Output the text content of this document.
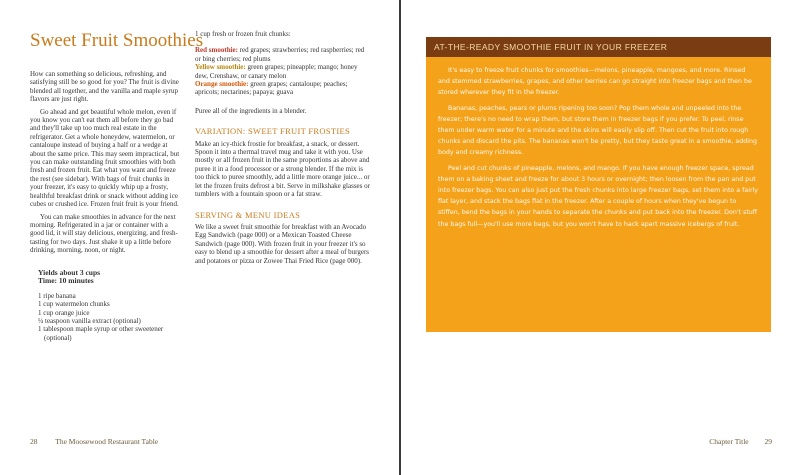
Sweet Fruit Smoothies

How can something so delicious, refreshing, and satisfying still be so good for you? The fruit is divine blended all together, and the vanilla and maple syrup flavors are just right.

Go ahead and get beautiful whole melon, even if you know you can't eat them all before they go bad and they'll take up too much real estate in the refrigerator. Get a whole honeydew, watermelon, or cantaloupe instead of buying a half or a wedge at about the same price. This may seem impractical, but you can make outstanding fruit smoothies with both fresh and frozen fruit. Eat what you want and freeze the rest (see sidebar). With bags of fruit chunks in your freezer, it's easy to quickly whip up a frosty, healthful breakfast drink or snack without adding ice cubes or crushed ice. Frozen fruit fruit is your friend.

You can make smoothies in advance for the next morning. Refrigerated in a jar or container with a good lid, it will stay delicious, energizing, and fresh-tasting for two days. Just shake it up a little before drinking, morning, noon, or night.

Yields about 3 cups
Time: 10 minutes
1 ripe banana
1 cup watermelon chunks
1 cup orange juice
¼ teaspoon vanilla extract (optional)
1 tablespoon maple syrup or other sweetener (optional)

1 cup fresh or frozen fruit chunks:

Red smoothie: red grapes; strawberries; red raspberries; red or bing cherries; red plums
Yellow smoothie: green grapes; pineapple; mango; honey dew, Crenshaw, or canary melon
Orange smoothie: green grapes; cantaloupe; peaches; apricots; nectarines; papaya; guava

Puree all of the ingredients in a blender.

VARIATION: SWEET FRUIT FROSTIES

Make an icy-thick frostie for breakfast, a snack, or dessert. Spoon it into a thermal travel mug and take it with you. Use mostly or all frozen fruit in the same proportions as above and puree it in a food processor or a strong blender. If the mix is too thick to puree smoothly, add a little more orange juice... or let the frozen fruits defrost a bit. Serve in milkshake glasses or tumblers with a fountain spoon or a fat straw.

SERVING & MENU IDEAS

We like a sweet fruit smoothie for breakfast with an Avocado Egg Sandwich (page 000) or a Mexican Toasted Cheese Sandwich (page 000). With frozen fruit in your freezer it's so easy to blend up a smoothie for dessert after a meal of burgers and potatoes or pizza or Zowee Thai Fried Rice (page 000).

28 The Moosewood Restaurant Table
AT-THE-READY SMOOTHIE FRUIT IN YOUR FREEZER

It's easy to freeze fruit chunks for smoothies—melons, pineapple, mangoes, and more. Rinsed and stemmed strawberries, grapes, and other berries can go straight into freezer bags and then be stored wherever they fit in the freezer.

Bananas, peaches, pears or plums ripening too soon? Pop them whole and unpeeled into the freezer; there's no need to wrap them, but store them in freezer bags if you prefer. To peel, rinse them under warm water for a minute and the skins will easily slip off. Then cut the fruit into rough chunks and discard the pits. The bananas won't be pretty, but they taste great in a smoothie, adding body and creamy richness.

Peel and cut chunks of pineapple, melons, and mango. If you have enough freezer space, spread them on a baking sheet and freeze for about 3 hours or overnight; then loosen from the pan and put into freezer bags. You can also just put the fresh chunks into large freezer bags, set them into a fairly flat layer, and stack the bags flat in the freezer. After a couple of hours when they've begun to stiffen, bend the bags in your hands to separate the chunks and put back into the freezer. Don't stuff the bags full—you'll use more bags, but you won't have to hack apart massive icebergs of fruit.

Chapter Title 29
